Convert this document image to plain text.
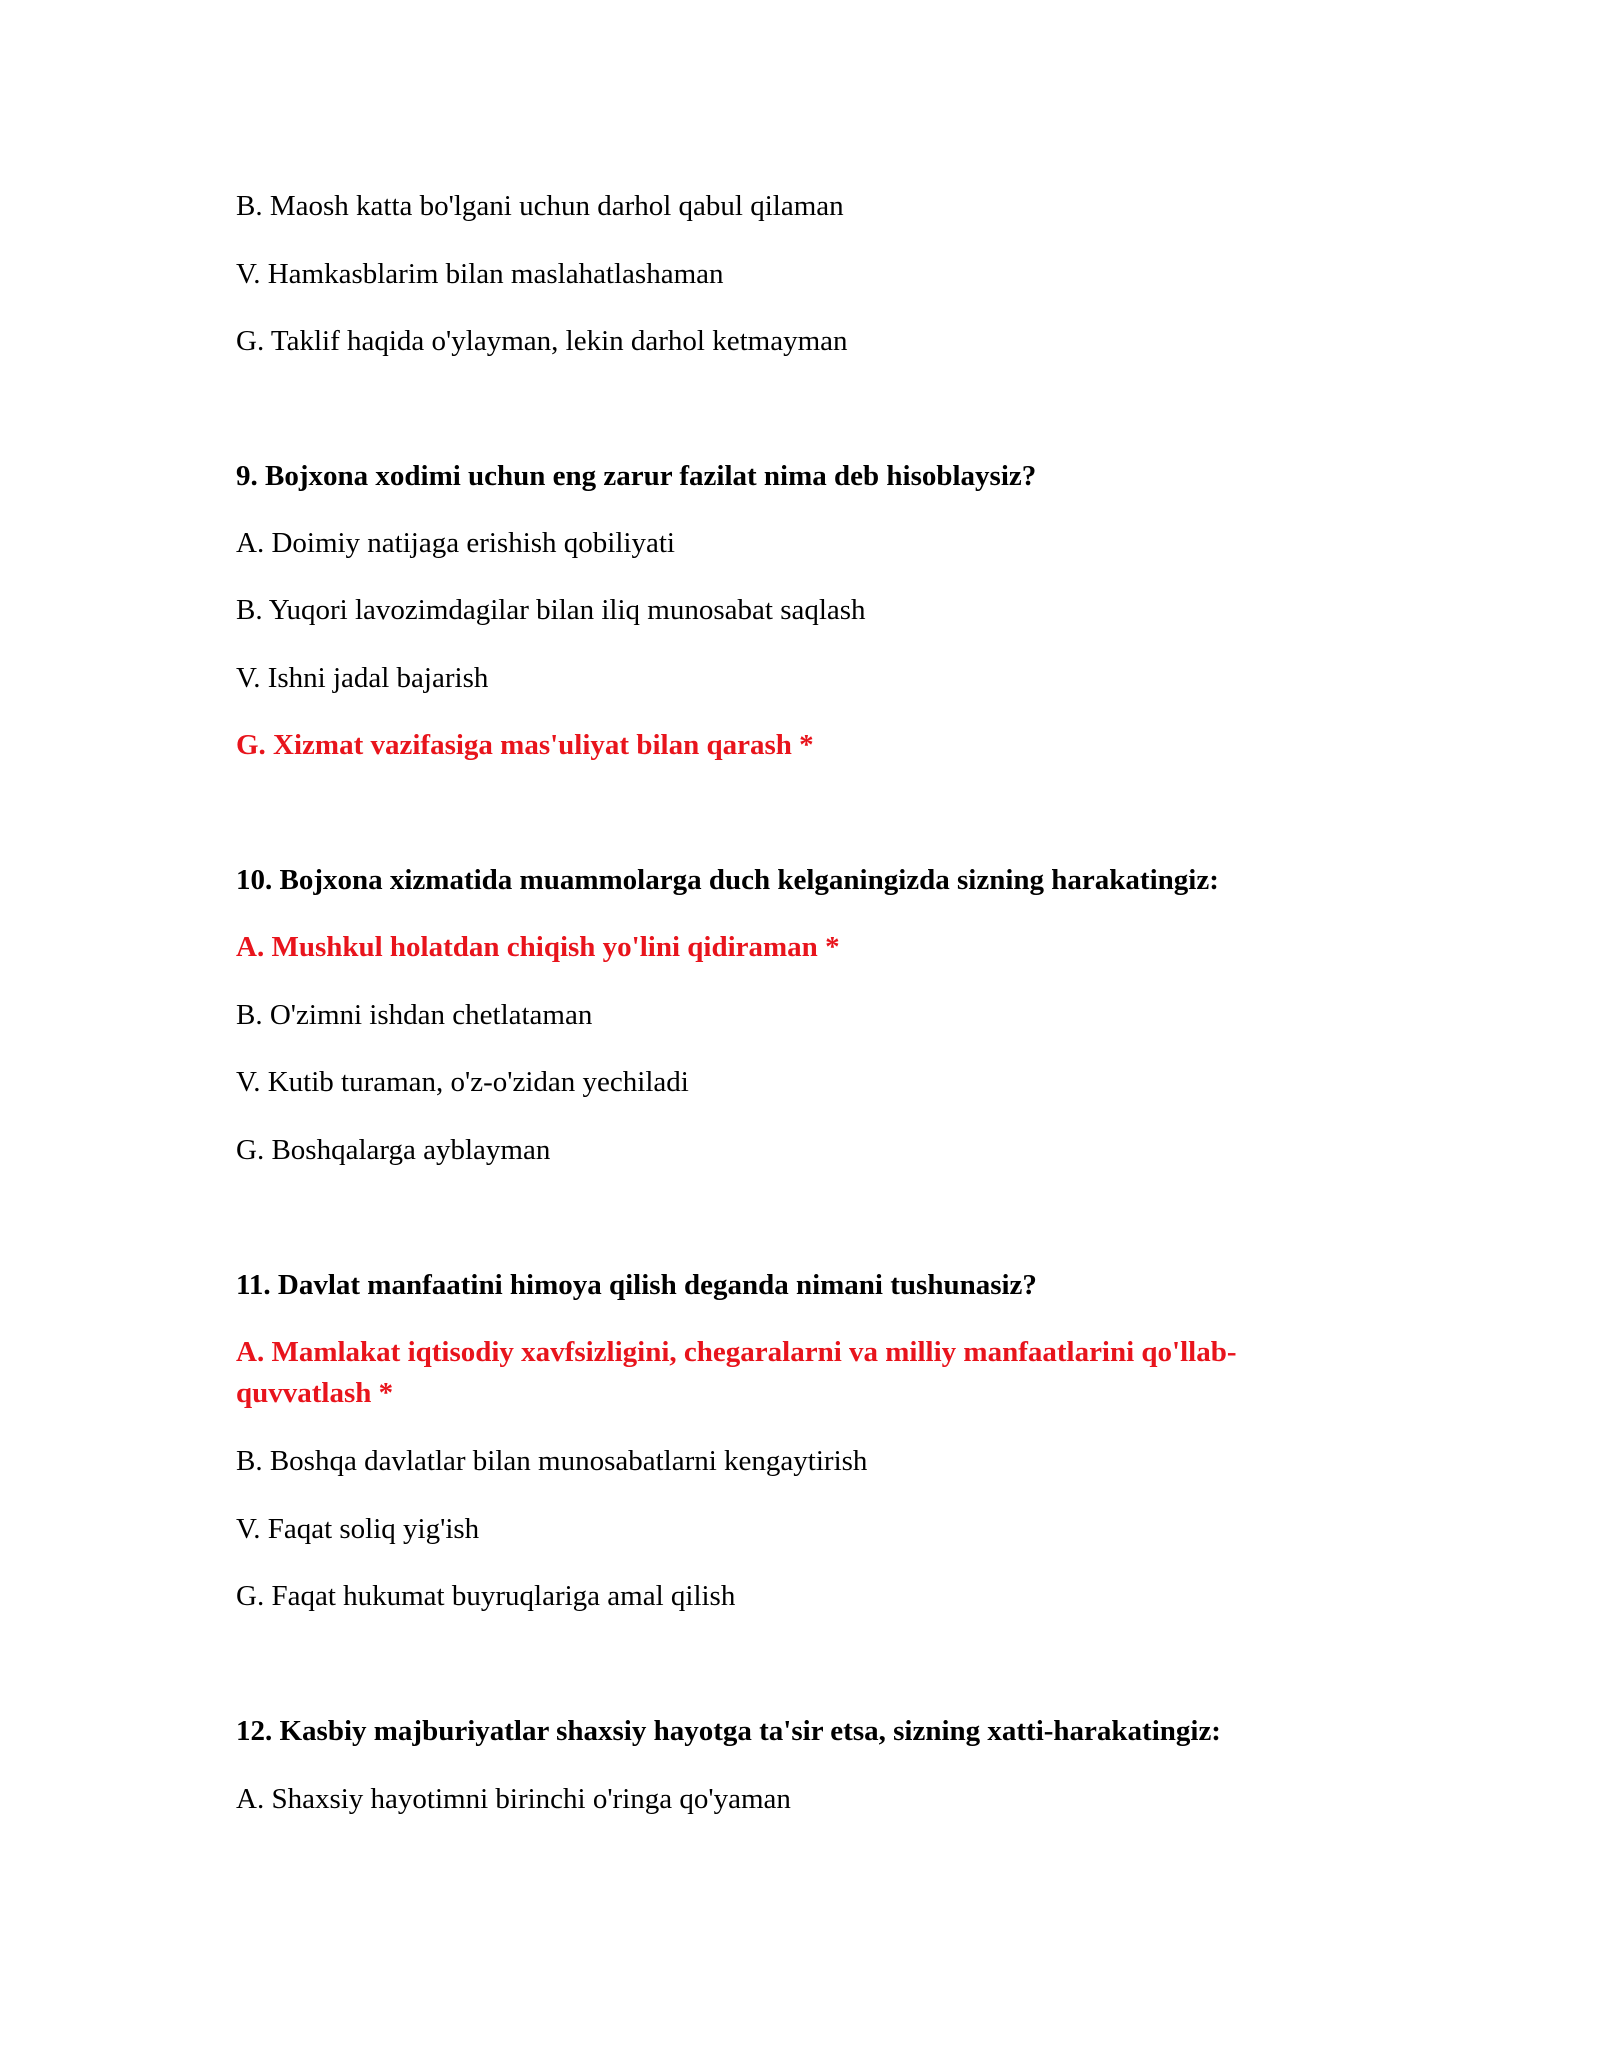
B. Maosh katta bo'lgani uchun darhol qabul qilaman
V. Hamkasblarim bilan maslahatlashaman
G. Taklif haqida o'ylayman, lekin darhol ketmayman
9. Bojxona xodimi uchun eng zarur fazilat nima deb hisoblaysiz?
A. Doimiy natijaga erishish qobiliyati
B. Yuqori lavozimdagilar bilan iliq munosabat saqlash
V. Ishni jadal bajarish
G. Xizmat vazifasiga mas'uliyat bilan qarash *
10. Bojxona xizmatida muammolarga duch kelganingizda sizning harakatingiz:
A. Mushkul holatdan chiqish yo'lini qidiraman *
B. O'zimni ishdan chetlataman
V. Kutib turaman, o'z-o'zidan yechiladi
G. Boshqalarga ayblayman
11. Davlat manfaatini himoya qilish deganda nimani tushunasiz?
A. Mamlakat iqtisodiy xavfsizligini, chegaralarni va milliy manfaatlarini qo'llab-quvvatlash *
B. Boshqa davlatlar bilan munosabatlarni kengaytirish
V. Faqat soliq yig'ish
G. Faqat hukumat buyruqlariga amal qilish
12. Kasbiy majburiyatlar shaxsiy hayotga ta'sir etsa, sizning xatti-harakatingiz:
A. Shaxsiy hayotimni birinchi o'ringa qo'yaman
